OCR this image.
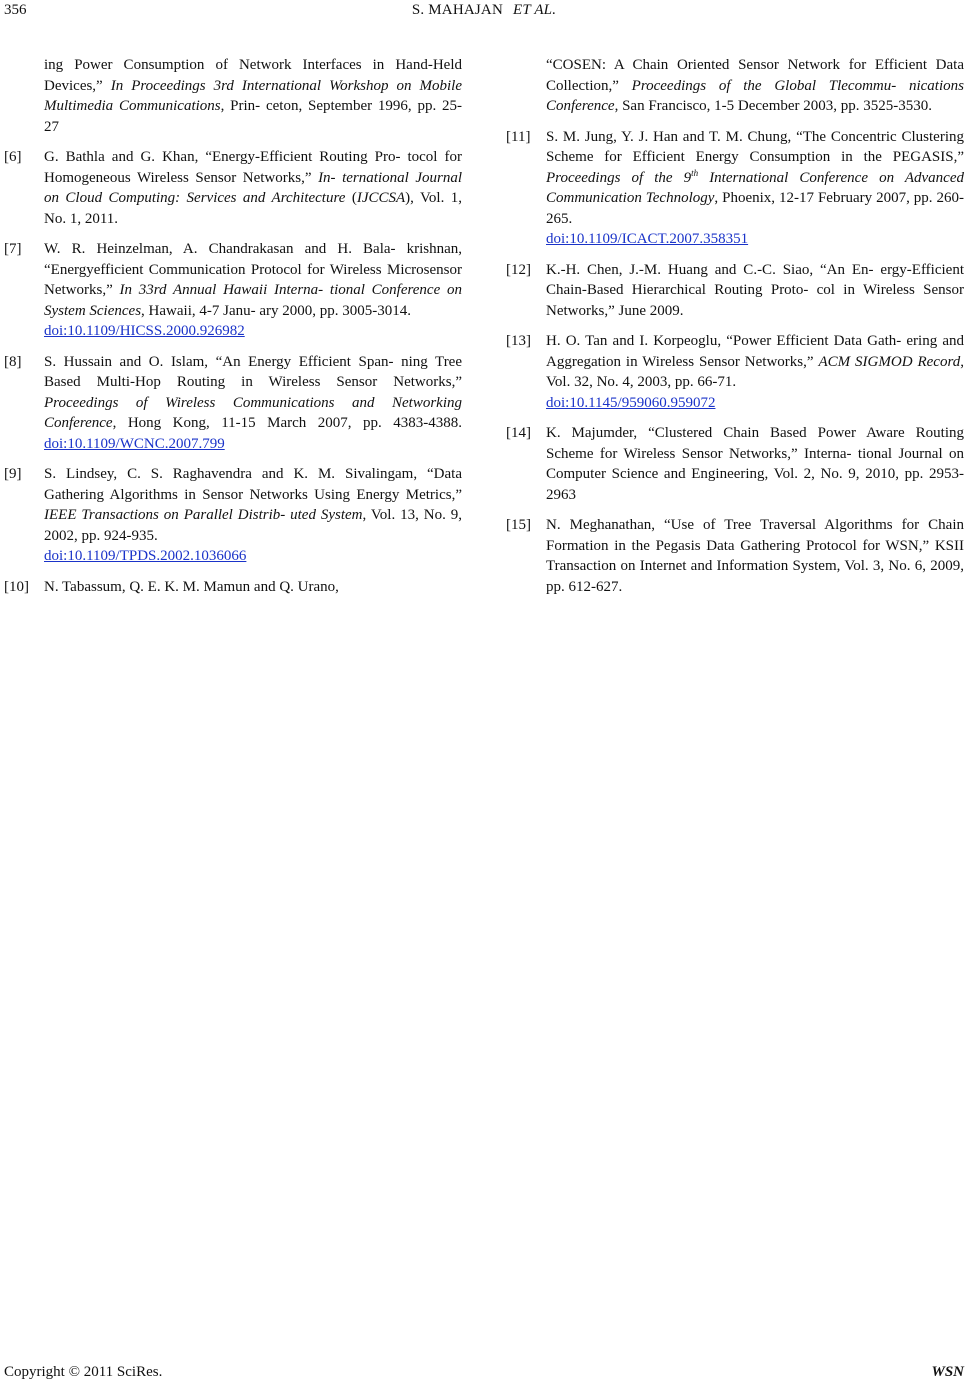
356	S. MAHAJAN ET AL.
ing Power Consumption of Network Interfaces in Hand-Held Devices,” In Proceedings 3rd International Workshop on Mobile Multimedia Communications, Prin- ceton, September 1996, pp. 25-27
[6] G. Bathla and G. Khan, “Energy-Efficient Routing Pro- tocol for Homogeneous Wireless Sensor Networks,” In- ternational Journal on Cloud Computing: Services and Architecture (IJCCSA), Vol. 1, No. 1, 2011.
[7] W. R. Heinzelman, A. Chandrakasan and H. Bala- krishnan, “Energyefficient Communication Protocol for Wireless Microsensor Networks,” In 33rd Annual Hawaii Interna- tional Conference on System Sciences, Hawaii, 4-7 Janu- ary 2000, pp. 3005-3014.
doi:10.1109/HICSS.2000.926982
[8] S. Hussain and O. Islam, “An Energy Efficient Span- ning Tree Based Multi-Hop Routing in Wireless Sensor Networks,” Proceedings of Wireless Communications and Networking Conference, Hong Kong, 11-15 March 2007, pp. 4383-4388. doi:10.1109/WCNC.2007.799
[9] S. Lindsey, C. S. Raghavendra and K. M. Sivalingam, “Data Gathering Algorithms in Sensor Networks Using Energy Metrics,” IEEE Transactions on Parallel Distrib- uted System, Vol. 13, No. 9, 2002, pp. 924-935.
doi:10.1109/TPDS.2002.1036066
[10] N. Tabassum, Q. E. K. M. Mamun and Q. Urano,
“COSEN: A Chain Oriented Sensor Network for Efficient Data Collection,” Proceedings of the Global Tlecommu- nications Conference, San Francisco, 1-5 December 2003, pp. 3525-3530.
[11] S. M. Jung, Y. J. Han and T. M. Chung, “The Concentric Clustering Scheme for Efficient Energy Consumption in the PEGASIS,” Proceedings of the 9th International Conference on Advanced Communication Technology, Phoenix, 12-17 February 2007, pp. 260-265.
doi:10.1109/ICACT.2007.358351
[12] K.-H. Chen, J.-M. Huang and C.-C. Siao, “An En- ergy-Efficient Chain-Based Hierarchical Routing Proto- col in Wireless Sensor Networks,” June 2009.
[13] H. O. Tan and I. Korpeoglu, “Power Efficient Data Gath- ering and Aggregation in Wireless Sensor Networks,” ACM SIGMOD Record, Vol. 32, No. 4, 2003, pp. 66-71.
doi:10.1145/959060.959072
[14] K. Majumder, “Clustered Chain Based Power Aware Routing Scheme for Wireless Sensor Networks,” Interna- tional Journal on Computer Science and Engineering, Vol. 2, No. 9, 2010, pp. 2953- 2963
[15] N. Meghanathan, “Use of Tree Traversal Algorithms for Chain Formation in the Pegasis Data Gathering Protocol for WSN,” KSII Transaction on Internet and Information System, Vol. 3, No. 6, 2009, pp. 612-627.
Copyright © 2011 SciRes.	WSN
